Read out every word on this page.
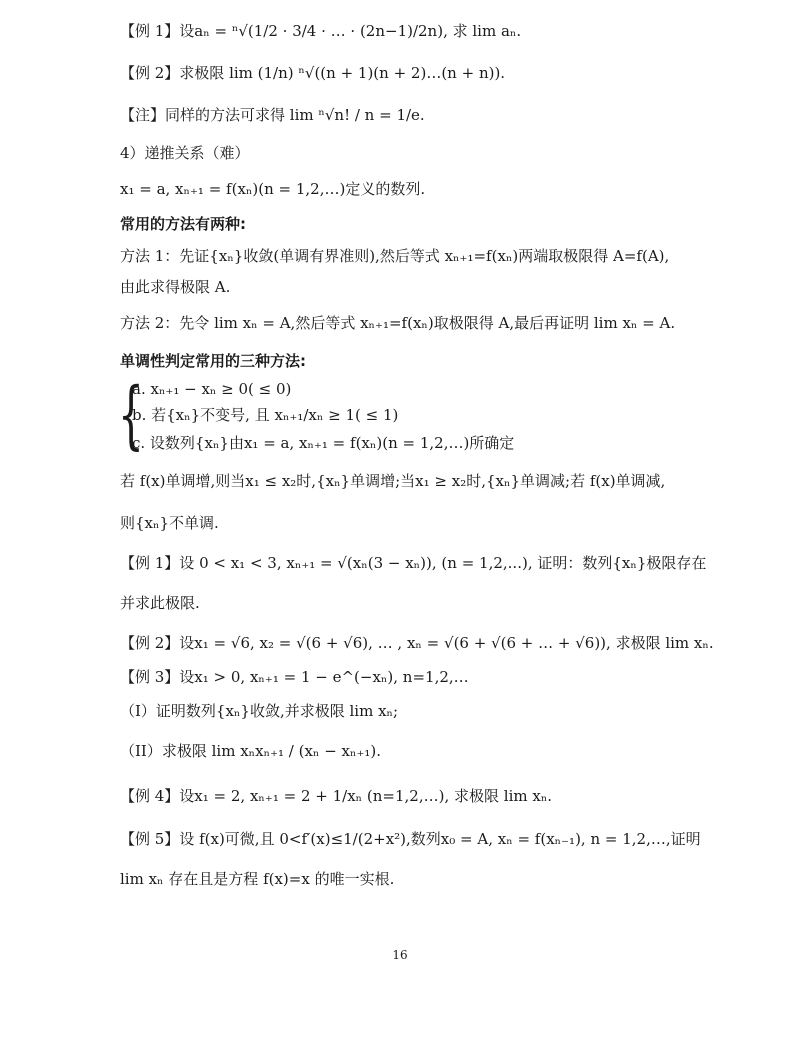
【例 1】设aₙ = ⁿ√(1/2 · 3/4 · … · (2n−1)/2n), 求 lim aₙ.
【例 2】求极限 lim (1/n) ⁿ√((n + 1)(n + 2)…(n + n)).
【注】同样的方法可求得 lim ⁿ√n! / n = 1/e.
4）递推关系（难）
x₁ = a, xₙ₊₁ = f(xₙ)(n = 1,2,…)定义的数列.
常用的方法有两种:
方法 1：先证{xₙ}收敛(单调有界准则),然后等式 xₙ₊₁=f(xₙ)两端取极限得 A=f(A),
由此求得极限 A.
方法 2：先令 lim xₙ = A,然后等式 xₙ₊₁=f(xₙ)取极限得 A,最后再证明 lim xₙ = A.
单调性判定常用的三种方法:
{
a. xₙ₊₁ − xₙ ≥ 0( ≤ 0)
b. 若{xₙ}不变号, 且 xₙ₊₁/xₙ ≥ 1( ≤ 1)
c. 设数列{xₙ}由x₁ = a, xₙ₊₁ = f(xₙ)(n = 1,2,…)所确定
若 f(x)单调增,则当x₁ ≤ x₂时,{xₙ}单调增;当x₁ ≥ x₂时,{xₙ}单调减;若 f(x)单调减,
则{xₙ}不单调.
【例 1】设 0 < x₁ < 3, xₙ₊₁ = √(xₙ(3 − xₙ)), (n = 1,2,...), 证明：数列{xₙ}极限存在
并求此极限.
【例 2】设x₁ = √6, x₂ = √(6 + √6), … , xₙ = √(6 + √(6 + … + √6)), 求极限 lim xₙ.
【例 3】设x₁ > 0, xₙ₊₁ = 1 − e^(−xₙ), n=1,2,…
（I）证明数列{xₙ}收敛,并求极限 lim xₙ;
（II）求极限 lim xₙxₙ₊₁ / (xₙ − xₙ₊₁).
【例 4】设x₁ = 2, xₙ₊₁ = 2 + 1/xₙ (n=1,2,…), 求极限 lim xₙ.
【例 5】设 f(x)可微,且 0<f′(x)≤1/(2+x²),数列x₀ = A, xₙ = f(xₙ₋₁), n = 1,2,…,证明
lim xₙ 存在且是方程 f(x)=x 的唯一实根.
16
